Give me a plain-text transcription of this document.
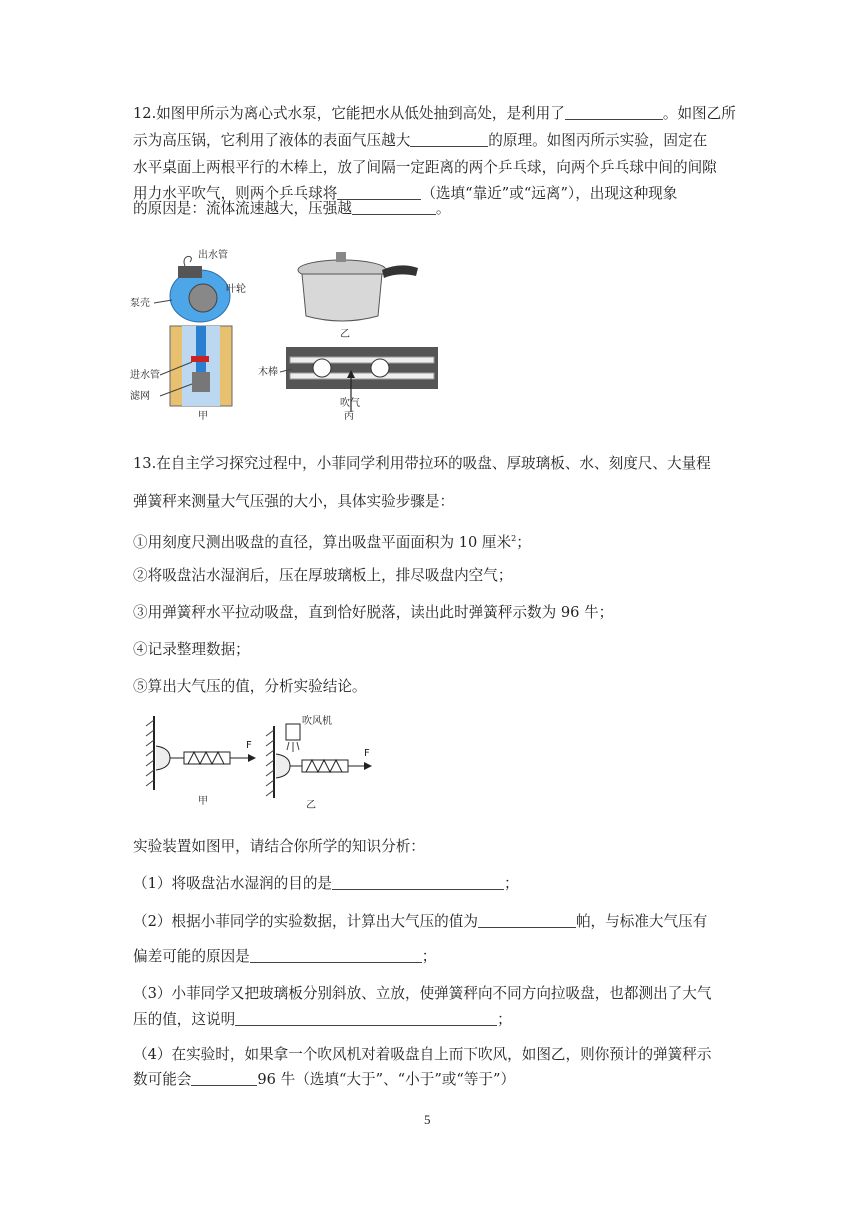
12.如图甲所示为离心式水泵，它能把水从低处抽到高处，是利用了	。如图乙所
示为高压锅，它利用了液体的表面气压越大	的原理。如图丙所示实验，固定在
水平桌面上两根平行的木棒上，放了间隔一定距离的两个乒乓球，向两个乒乓球中间的间隙
用力水平吹气，则两个乒乓球将	（选填“靠近”或“远离”），出现这种现象
的原因是：流体流速越大，压强越	。
出水管
泵壳
叶轮
进水管
滤网
甲
乙
木棒
吹气
丙
13.在自主学习探究过程中，小菲同学利用带拉环的吸盘、厚玻璃板、水、刻度尺、大量程
弹簧秤来测量大气压强的大小，具体实验步骤是：
①用刻度尺测出吸盘的直径，算出吸盘平面面积为 10 厘米$^2$；
②将吸盘沾水湿润后，压在厚玻璃板上，排尽吸盘内空气；
③用弹簧秤水平拉动吸盘，直到恰好脱落，读出此时弹簧秤示数为 96 牛；
④记录整理数据；
⑤算出大气压的值，分析实验结论。
F
甲
吹风机
F
乙
实验装置如图甲，请结合你所学的知识分析：
（1）将吸盘沾水湿润的目的是	；
（2）根据小菲同学的实验数据，计算出大气压的值为	帕，与标准大气压有
偏差可能的原因是	；
（3）小菲同学又把玻璃板分别斜放、立放，使弹簧秤向不同方向拉吸盘，也都测出了大气
压的值，这说明	；
（4）在实验时，如果拿一个吹风机对着吸盘自上而下吹风，如图乙，则你预计的弹簧秤示
数可能会	96 牛（选填“大于”、“小于”或“等于”）
5
